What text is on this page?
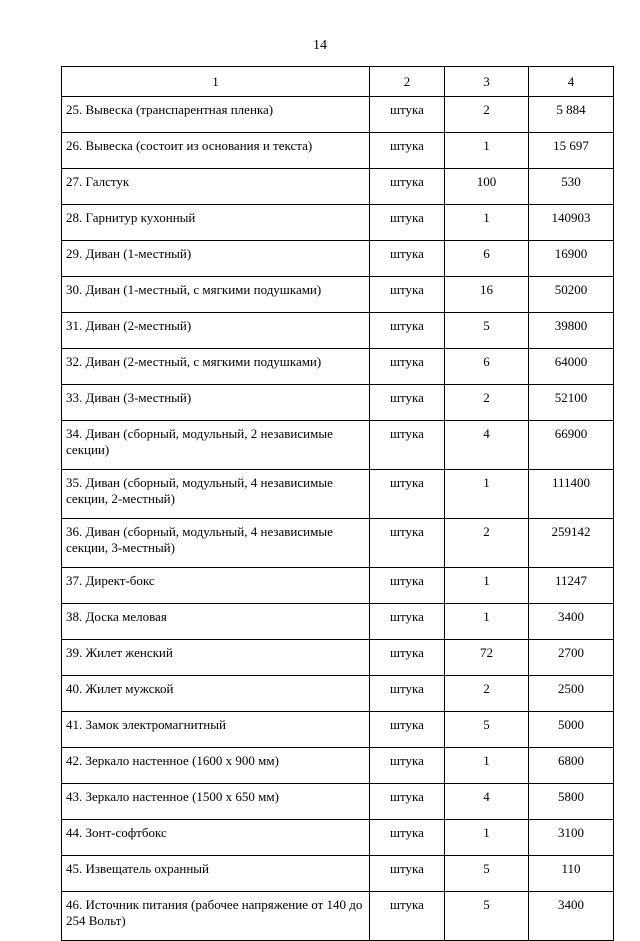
14
1	2	3	4
25. Вывеска (транспарентная пленка)	штука	2	5 884
26. Вывеска (состоит из основания и текста)	штука	1	15 697
27. Галстук	штука	100	530
28. Гарнитур кухонный	штука	1	140903
29. Диван (1-местный)	штука	6	16900
30. Диван (1-местный, с мягкими подушками)	штука	16	50200
31. Диван (2-местный)	штука	5	39800
32. Диван (2-местный, с мягкими подушками)	штука	6	64000
33. Диван (3-местный)	штука	2	52100
34. Диван (сборный, модульный, 2 независимые секции)	штука	4	66900
35. Диван (сборный, модульный, 4 независимые секции, 2-местный)	штука	1	111400
36. Диван (сборный, модульный, 4 независимые секции, 3-местный)	штука	2	259142
37. Директ-бокс	штука	1	11247
38. Доска меловая	штука	1	3400
39. Жилет женский	штука	72	2700
40. Жилет мужской	штука	2	2500
41. Замок электромагнитный	штука	5	5000
42. Зеркало настенное (1600 х 900 мм)	штука	1	6800
43. Зеркало настенное (1500 х 650 мм)	штука	4	5800
44. Зонт-софтбокс	штука	1	3100
45. Извещатель охранный	штука	5	110
46. Источник питания (рабочее напряжение от 140 до 254 Вольт)	штука	5	3400
